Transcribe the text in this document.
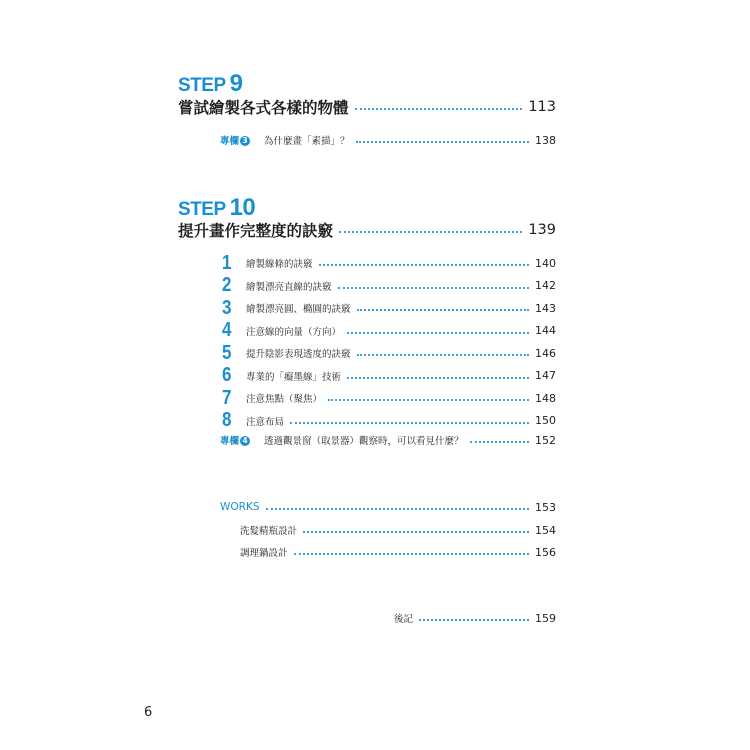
STEP 9
嘗試繪製各式各樣的物體	113
專欄 3 為什麼畫「素描」？	138
STEP 10
提升畫作完整度的訣竅	139
1	繪製線條的訣竅	140
2	繪製漂亮直線的訣竅	142
3	繪製漂亮圓、橢圓的訣竅	143
4	注意線的向量（方向）	144
5	提升陰影表現透度的訣竅	146
6	專業的「癡墨線」技術	147
7	注意焦點（聚焦）	148
8	注意布局	150
專欄 4 透過觀景窗（取景器）觀察時，可以看見什麼？	152
WORKS	153
洗髮精瓶設計	154
調理鍋設計	156
後記	159
6
